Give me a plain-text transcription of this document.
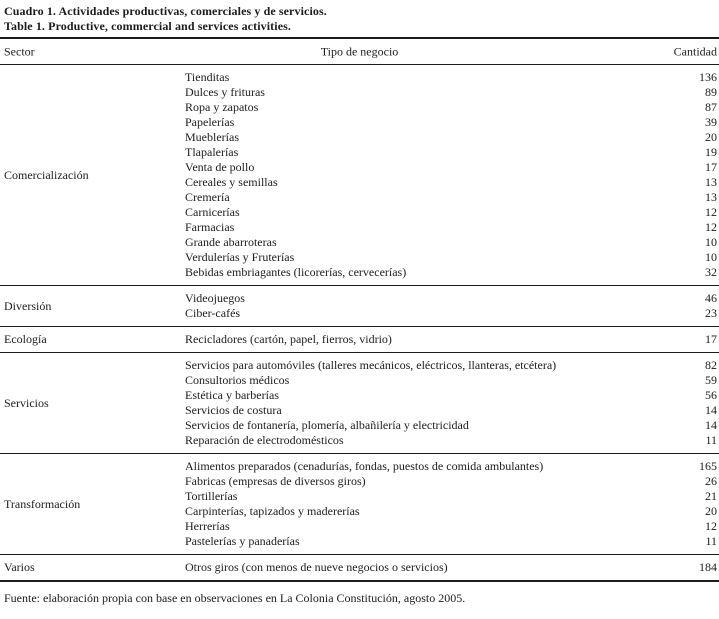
Cuadro 1. Actividades productivas, comerciales y de servicios.
Table 1. Productive, commercial and services activities.
Sector	Tipo de negocio	Cantidad
Comercialización
Tienditas	136
Dulces y frituras	89
Ropa y zapatos	87
Papelerías	39
Mueblerías	20
Tlapalerías	19
Venta de pollo	17
Cereales y semillas	13
Cremería	13
Carnicerías	12
Farmacias	12
Grande abarroteras	10
Verdulerías y Fruterías	10
Bebidas embriagantes (licorerías, cervecerías)	32
Diversión
Videojuegos	46
Ciber-cafés	23
Ecología	Recicladores (cartón, papel, fierros, vidrio)	17
Servicios
Servicios para automóviles (talleres mecánicos, eléctricos, llanteras, etcétera)	82
Consultorios médicos	59
Estética y barberías	56
Servicios de costura	14
Servicios de fontanería, plomería, albañilería y electricidad	14
Reparación de electrodomésticos	11
Transformación
Alimentos preparados (cenadurías, fondas, puestos de comida ambulantes)	165
Fabricas (empresas de diversos giros)	26
Tortillerías	21
Carpinterías, tapizados y madererías	20
Herrerías	12
Pastelerías y panaderías	11
Varios	Otros giros (con menos de nueve negocios o servicios)	184
Fuente: elaboración propia con base en observaciones en La Colonia Constitución, agosto 2005.
